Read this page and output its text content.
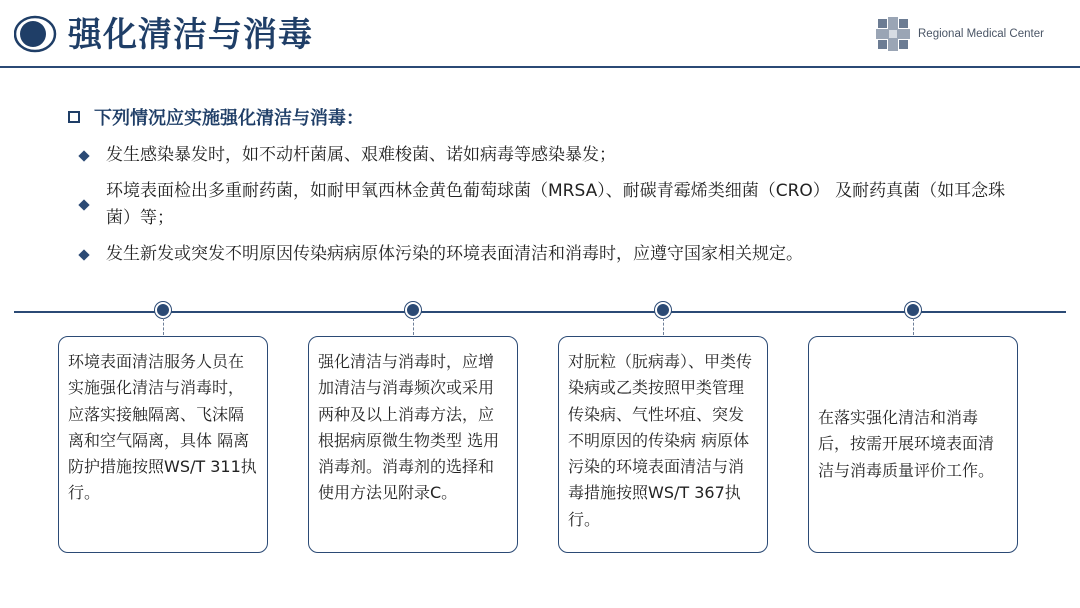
强化清洁与消毒	Regional Medical Center
下列情况应实施强化清洁与消毒：
发生感染暴发时，如不动杆菌属、艰难梭菌、诺如病毒等感染暴发；
环境表面检出多重耐药菌，如耐甲氧西林金黄色葡萄球菌（MRSA）、耐碳青霉烯类细菌（CRO） 及耐药真菌（如耳念珠菌）等；
发生新发或突发不明原因传染病病原体污染的环境表面清洁和消毒时，应遵守国家相关规定。
环境表面清洁服务人员在实施强化清洁与消毒时，应落实接触隔离、飞沫隔离和空气隔离，具体 隔离防护措施按照WS/T 311执行。
强化清洁与消毒时，应增加清洁与消毒频次或采用两种及以上消毒方法，应根据病原微生物类型 选用消毒剂。消毒剂的选择和使用方法见附录C。
对朊粒（朊病毒）、甲类传染病或乙类按照甲类管理传染病、气性坏疽、突发不明原因的传染病 病原体污染的环境表面清洁与消毒措施按照WS/T 367执行。
在落实强化清洁和消毒后，按需开展环境表面清洁与消毒质量评价工作。
